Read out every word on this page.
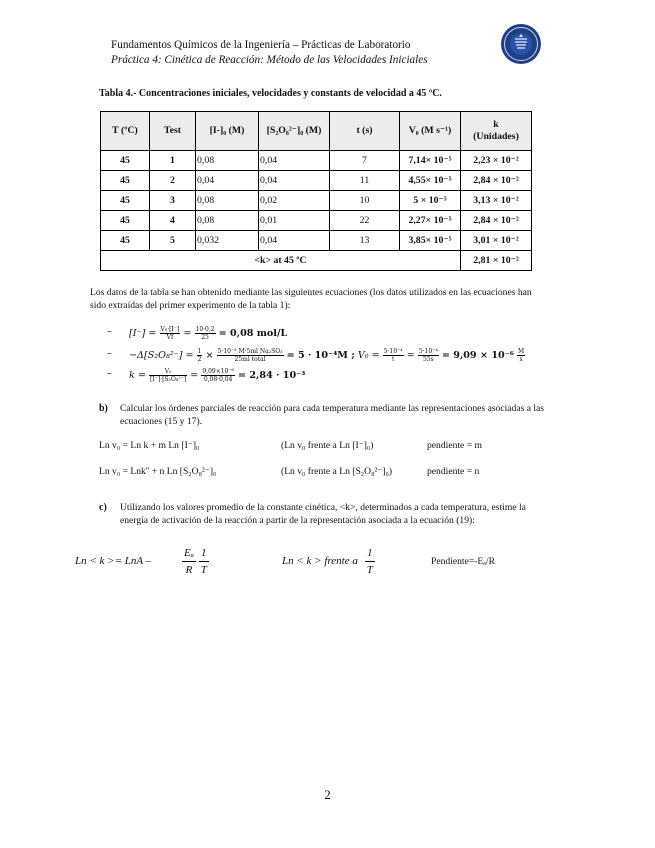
Fundamentos Químicos de la Ingeniería – Prácticas de Laboratorio
Práctica 4: Cinética de Reacción: Método de las Velocidades Iniciales
Tabla 4.- Concentraciones iniciales, velocidades y constants de velocidad a 45 ºC.
T (ºC)	Test	[I-]₀ (M)	[S₂O₈²⁻]₀ (M)	t (s)	V₀ (M s⁻¹)	k
(Unidades)

45	1	0,08	0,04	7	7,14× 10⁻⁵	2,23 × 10⁻²
45	2	0,04	0,04	11	4,55× 10⁻⁵	2,84 × 10⁻²
45	3	0,08	0,02	10	5 × 10⁻⁵	3,13 × 10⁻²
45	4	0,08	0,01	22	2,27× 10⁻⁵	2,84 × 10⁻²
45	5	0,032	0,04	13	3,85× 10⁻⁵	3,01 × 10⁻²
<k> at 45 ºC						2,81 × 10⁻²
Los datos de la tabla se han obtenido mediante las siguientes ecuaciones (los datos utilizados en las ecuaciones han sido extraídas del primer experimento de la tabla 1):
– $[I^-] = \frac{\text{V₀·[I⁻]}}{Vf} = \frac{10\cdot 0,2}{25} = 0,08$ mol/L
– $-\Delta[S_2O_8^{2-}] = \frac{1}{2} \times \frac{\text{5·10⁻³ M·5ml Na₂SO₃}}{\text{25ml total}} = 5 \cdot 10^{-4}M$ ; $V_0 = \frac{\text{5·10⁻⁴}}{t} = \frac{\text{5·10⁻⁴}}{55s} = 9,09 \times 10^{-6} \frac{M}{s}$
– $k = \frac{\text{V₀}}{\text{[I⁻]·[S₂O₈²⁻]}} = \frac{\text{9,09×10⁻⁶}}{0,08\cdot 0,04} = 2,84 \cdot 10^{-3}$
b) Calcular los órdenes parciales de reacción para cada temperatura mediante las representaciones asociadas a las ecuaciones (15 y 17).
Ln v₀ = Ln k + m Ln [I⁻]₀	(Ln v₀ frente a Ln [I⁻]₀)	pendiente = m
Ln v₀ = Lnk'' + n Ln [S₂O₈²⁻]₀	(Ln v₀ frente a Ln [S₂O₈²⁻]₀)	pendiente = n
c) Utilizando los valores promedio de la constante cinética, <k>, determinados a cada temperatura, estime la energía de activación de la reacción a partir de la representación asociada a la ecuación (19):
Ln < k >= LnA –	$\frac{\text{Eₐ}}{R} \frac{1}{T}$	Ln < k > frente a $\frac{1}{T}$	Pendiente=-Eₐ/R
2
